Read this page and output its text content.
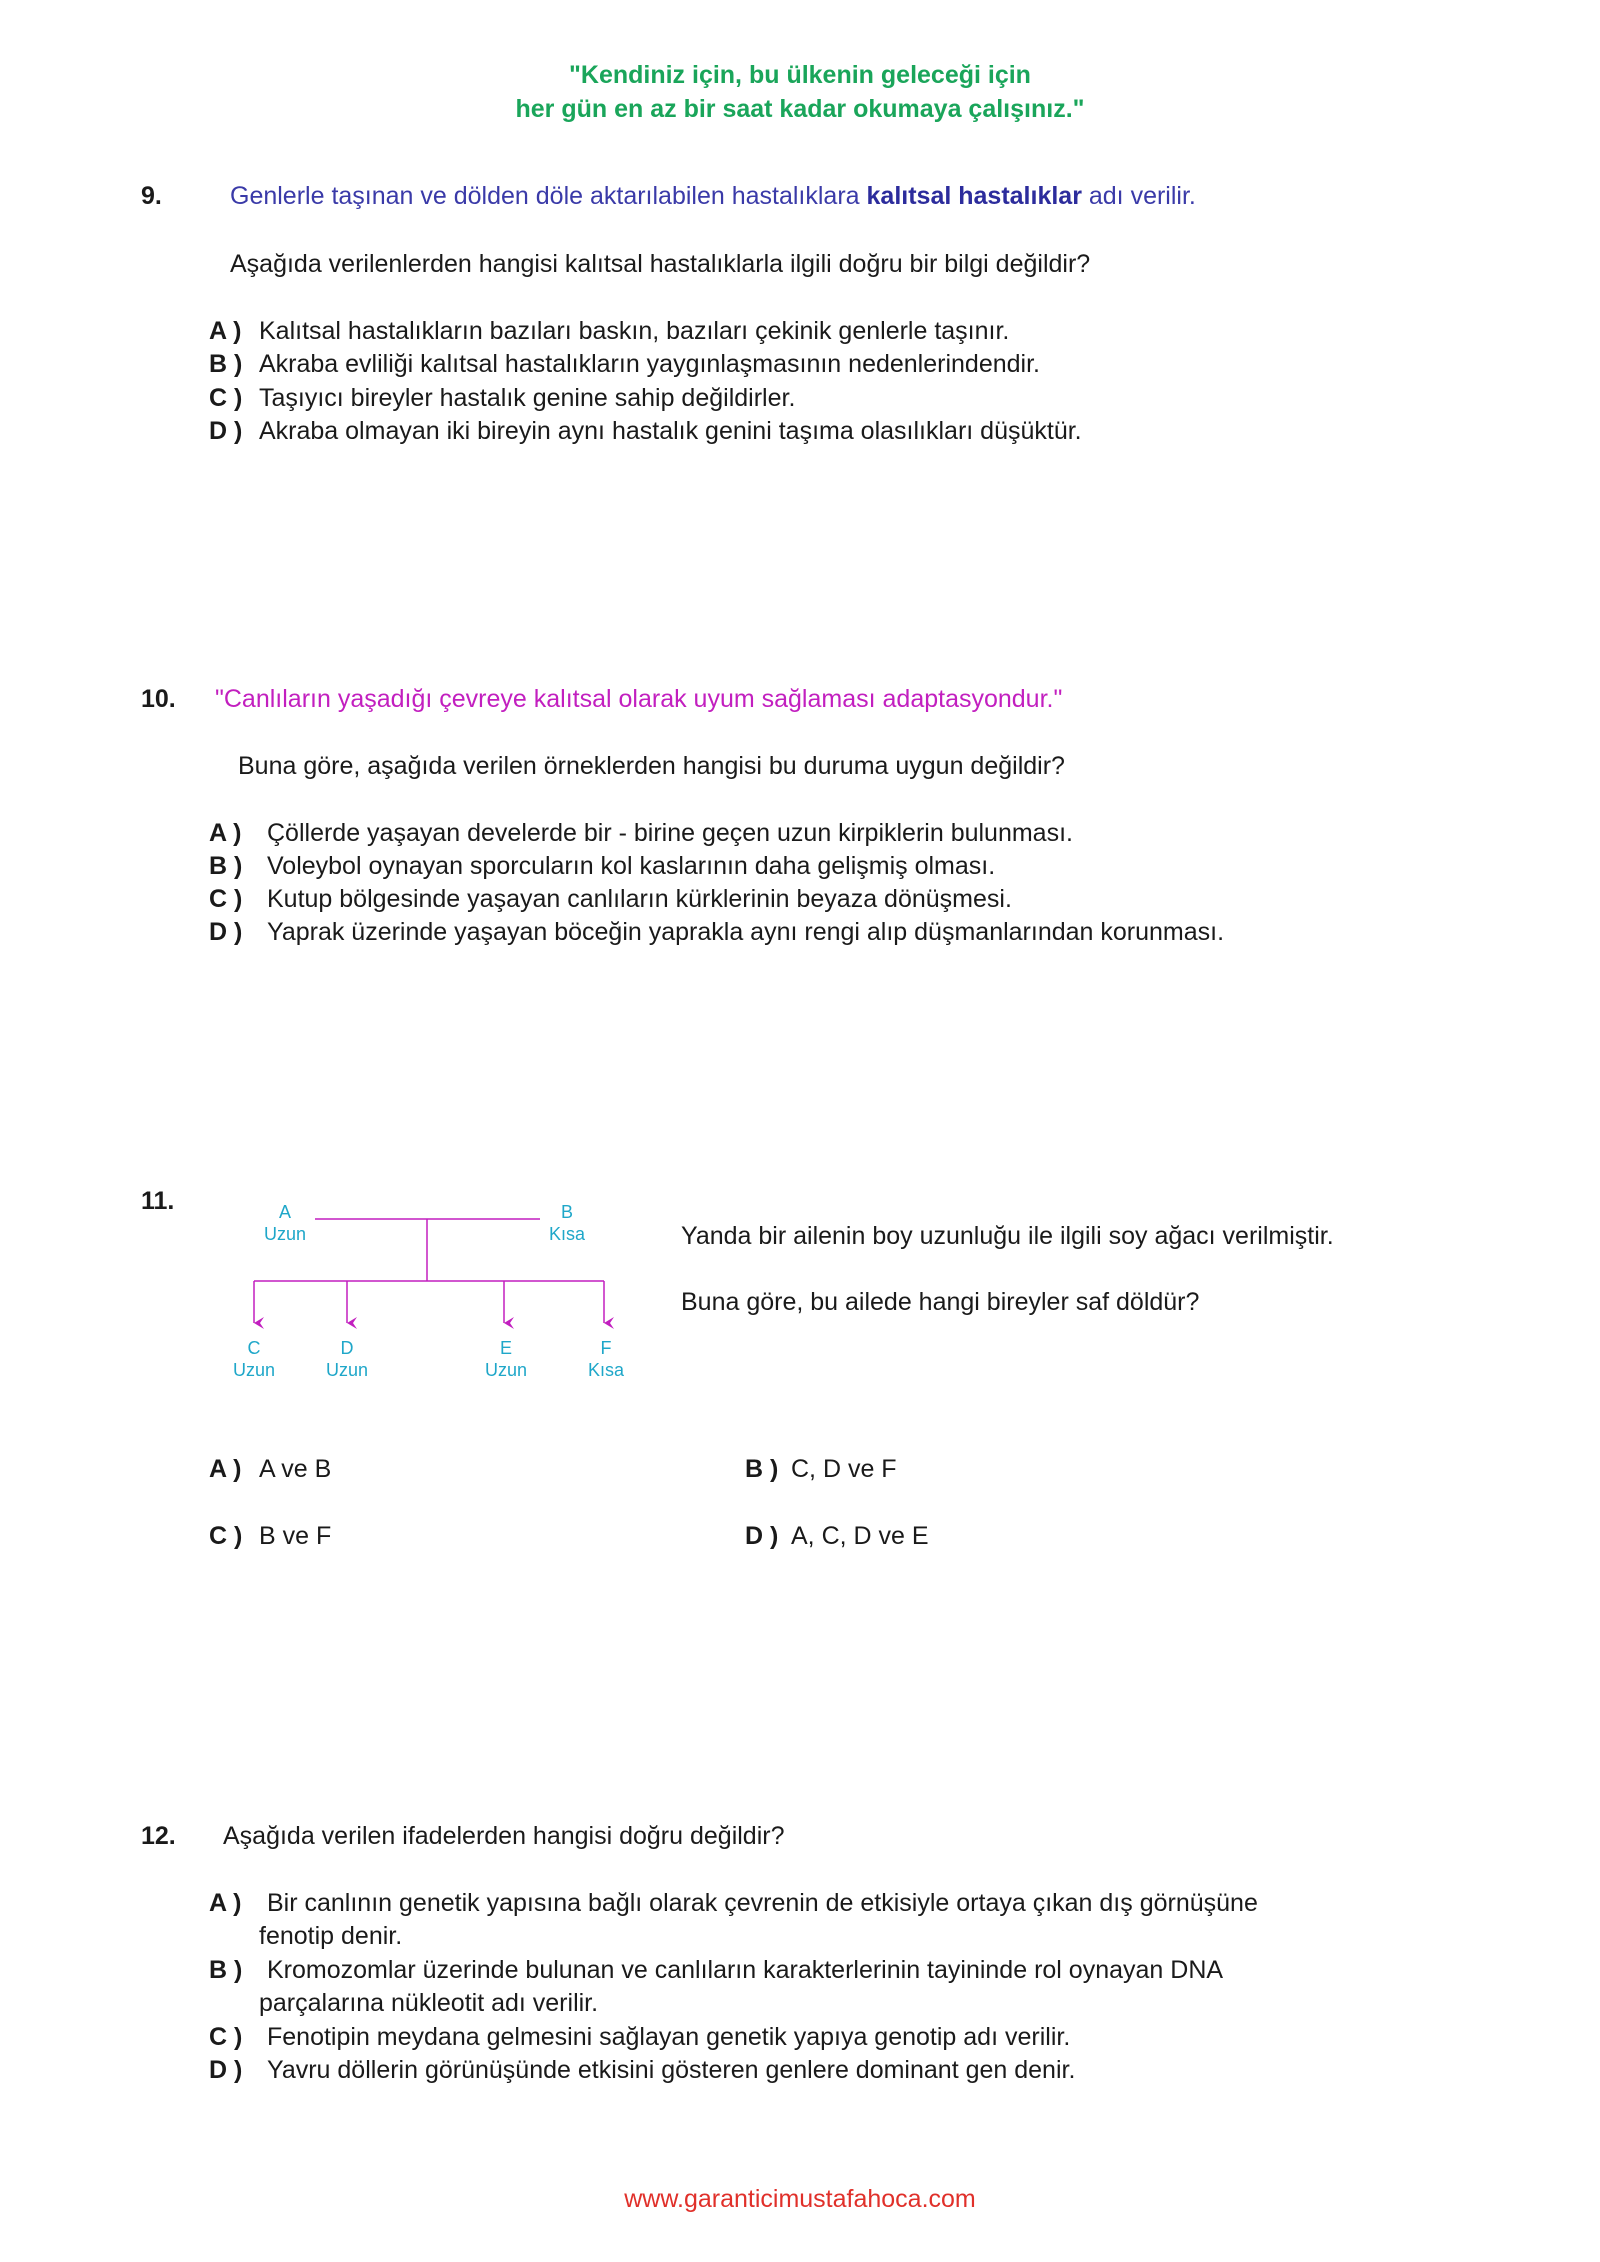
"Kendiniz için, bu ülkenin geleceği için
her gün en az bir saat kadar okumaya çalışınız."
9.	Genlerle taşınan ve dölden döle aktarılabilen hastalıklara kalıtsal hastalıklar adı verilir.
Aşağıda verilenlerden hangisi kalıtsal hastalıklarla ilgili doğru bir bilgi değildir?
A ) Kalıtsal hastalıkların bazıları baskın, bazıları çekinik genlerle taşınır.
B ) Akraba evliliği kalıtsal hastalıkların yaygınlaşmasının nedenlerindendir.
C ) Taşıyıcı bireyler hastalık genine sahip değildirler.
D ) Akraba olmayan iki bireyin aynı hastalık genini taşıma olasılıkları düşüktür.
10. "Canlıların yaşadığı çevreye kalıtsal olarak uyum sağlaması adaptasyondur."
Buna göre, aşağıda verilen örneklerden hangisi bu duruma uygun değildir?
A ) Çöllerde yaşayan develerde bir - birine geçen uzun kirpiklerin bulunması.
B ) Voleybol oynayan sporcuların kol kaslarının daha gelişmiş olması.
C ) Kutup bölgesinde yaşayan canlıların kürklerinin beyaza dönüşmesi.
D ) Yaprak üzerinde yaşayan böceğin yaprakla aynı rengi alıp düşmanlarından korunması.
11.	A
Uzun
B
Kısa
C
Uzun
D
Uzun
E
Uzun
F
Kısa
Yanda bir ailenin boy uzunluğu ile ilgili soy ağacı verilmiştir.
Buna göre, bu ailede hangi bireyler saf döldür?
A ) A ve B	B ) C, D ve F
C ) B ve F	D ) A, C, D ve E
12. Aşağıda verilen ifadelerden hangisi doğru değildir?
A ) Bir canlının genetik yapısına bağlı olarak çevrenin de etkisiyle ortaya çıkan dış görnüşüne
fenotip denir.
B ) Kromozomlar üzerinde bulunan ve canlıların karakterlerinin tayininde rol oynayan DNA
parçalarına nükleotit adı verilir.
C ) Fenotipin meydana gelmesini sağlayan genetik yapıya genotip adı verilir.
D ) Yavru döllerin görünüşünde etkisini gösteren genlere dominant gen denir.
www.garanticimustafahoca.com
